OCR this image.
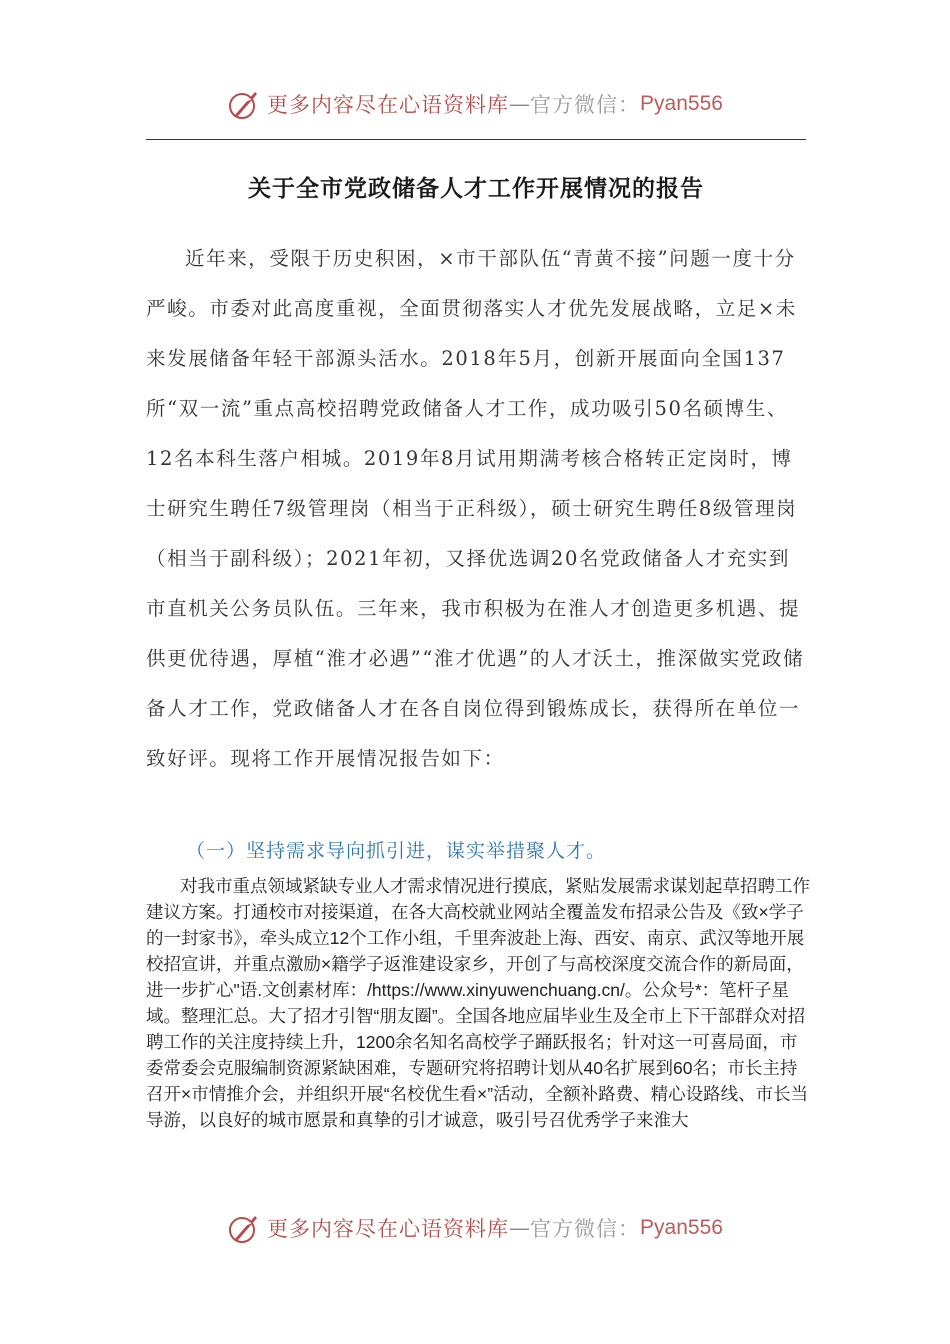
更多内容尽在心语资料库 — 官方微信： Pyan556
关于全市党政储备人才工作开展情况的报告

近年来，受限于历史积困，×市干部队伍“青黄不接”问题一度十分严峻。市委对此高度重视，全面贯彻落实人才优先发展战略，立足×未来发展储备年轻干部源头活水。2018年5月，创新开展面向全国137所“双一流”重点高校招聘党政储备人才工作，成功吸引50名硕博生、12名本科生落户相城。2019年8月试用期满考核合格转正定岗时，博士研究生聘任7级管理岗（相当于正科级），硕士研究生聘任8级管理岗（相当于副科级）；2021年初，又择优选调20名党政储备人才充实到市直机关公务员队伍。三年来，我市积极为在淮人才创造更多机遇、提供更优待遇，厚植“淮才必遇”“淮才优遇”的人才沃土，推深做实党政储备人才工作，党政储备人才在各自岗位得到锻炼成长，获得所在单位一致好评。现将工作开展情况报告如下：

（一）坚持需求导向抓引进，谋实举措聚人才。

对我市重点领域紧缺专业人才需求情况进行摸底，紧贴发展需求谋划起草招聘工作建议方案。打通校市对接渠道，在各大高校就业网站全覆盖发布招录公告及《致×学子的一封家书》，牵头成立12个工作小组，千里奔波赴上海、西安、南京、武汉等地开展校招宣讲，并重点激励×籍学子返淮建设家乡，开创了与高校深度交流合作的新局面，进一步扩心"语.文创素材库：/https://www.xinyuwenchuang.cn/。公众号*：笔杆子星域。整理汇总。大了招才引智“朋友圈”。全国各地应届毕业生及全市上下干部群众对招聘工作的关注度持续上升，1200余名知名高校学子踊跃报名；针对这一可喜局面，市委常委会克服编制资源紧缺困难，专题研究将招聘计划从40名扩展到60名；市长主持召开×市情推介会，并组织开展“名校优生看×”活动，全额补路费、精心设路线、市长当导游，以良好的城市愿景和真挚的引才诚意，吸引号召优秀学子来淮大

更多内容尽在心语资料库 — 官方微信： Pyan556
